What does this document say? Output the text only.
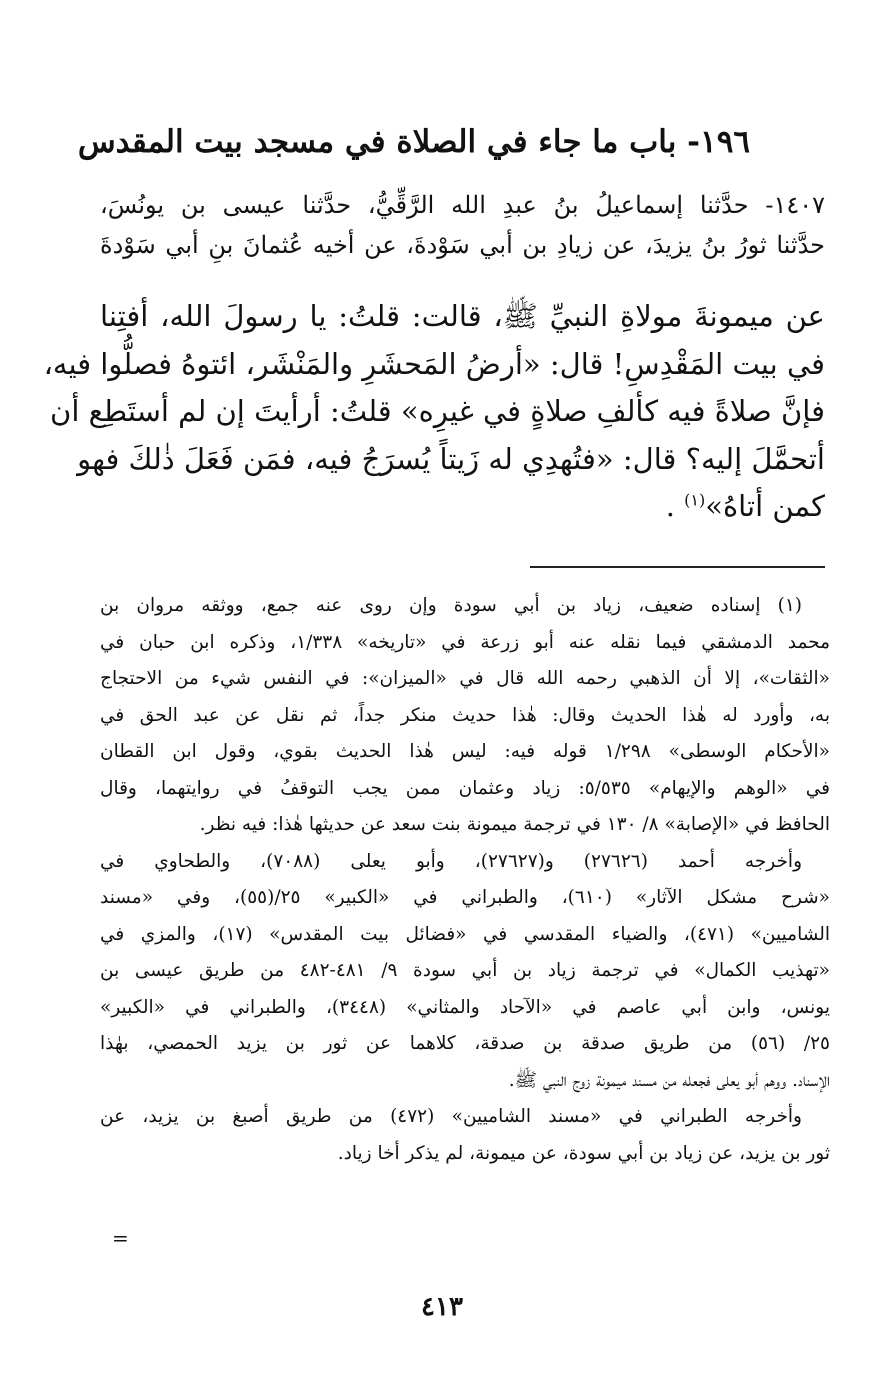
١٩٦- باب ما جاء في الصلاة في مسجد بيت المقدس
١٤٠٧- حدَّثنا إسماعيلُ بنُ عبدِ الله الرَّقِّيُّ، حدَّثنا عيسى بن يونُسَ،
حدَّثنا ثورُ بنُ يزيدَ، عن زيادِ بن أبي سَوْدةَ، عن أخيه عُثمانَ بنِ أبي سَوْدةَ
عن ميمونةَ مولاةِ النبيِّ ﷺ، قالت: قلتُ: يا رسولَ الله، أفتِنا
في بيت المَقْدِسِ! قال: «أرضُ المَحشَرِ والمَنْشَر، ائتوهُ فصلُّوا فيه،
فإنَّ صلاةً فيه كألفِ صلاةٍ في غيرِه» قلتُ: أرأيتَ إن لم أستَطِع أن
أتحمَّلَ إليه؟ قال: «فتُهدِي له زَيتاً يُسرَجُ فيه، فمَن فَعَلَ ذٰلكَ فهو
كمن أتاهُ»$^{(١)}$ .
(١) إسناده ضعيف، زياد بن أبي سودة وإن روى عنه جمع، ووثقه مروان بن
محمد الدمشقي فيما نقله عنه أبو زرعة في «تاريخه» ١/٣٣٨، وذكره ابن حبان في
«الثقات»، إلا أن الذهبي رحمه الله قال في «الميزان»: في النفس شيء من الاحتجاج
به، وأورد له هٰذا الحديث وقال: هٰذا حديث منكر جداً، ثم نقل عن عبد الحق في
«الأحكام الوسطى» ١/٢٩٨ قوله فيه: ليس هٰذا الحديث بقوي، وقول ابن القطان
في «الوهم والإيهام» ٥/٥٣٥: زياد وعثمان ممن يجب التوقفُ في روايتهما، وقال
الحافظ في «الإصابة» ٨/ ١٣٠ في ترجمة ميمونة بنت سعد عن حديثها هٰذا: فيه نظر.
وأخرجه أحمد (٢٧٦٢٦) و(٢٧٦٢٧)، وأبو يعلى (٧٠٨٨)، والطحاوي في
«شرح مشكل الآثار» (٦١٠)، والطبراني في «الكبير» ٢٥/(٥٥)، وفي «مسند
الشاميين» (٤٧١)، والضياء المقدسي في «فضائل بيت المقدس» (١٧)، والمزي في
«تهذيب الكمال» في ترجمة زياد بن أبي سودة ٩/ ٤٨١-٤٨٢ من طريق عيسى بن
يونس، وابن أبي عاصم في «الآحاد والمثاني» (٣٤٤٨)، والطبراني في «الكبير»
٢٥/ (٥٦) من طريق صدقة بن صدقة، كلاهما عن ثور بن يزيد الحمصي، بهٰذا
الإسناد. ووهم أبو يعلى فجعله من مسند ميمونة زوج النبي ﷺ.
وأخرجه الطبراني في «مسند الشاميين» (٤٧٢) من طريق أصبغ بن يزيد، عن
ثور بن يزيد، عن زياد بن أبي سودة، عن ميمونة، لم يذكر أخا زياد.
=
٤١٣
